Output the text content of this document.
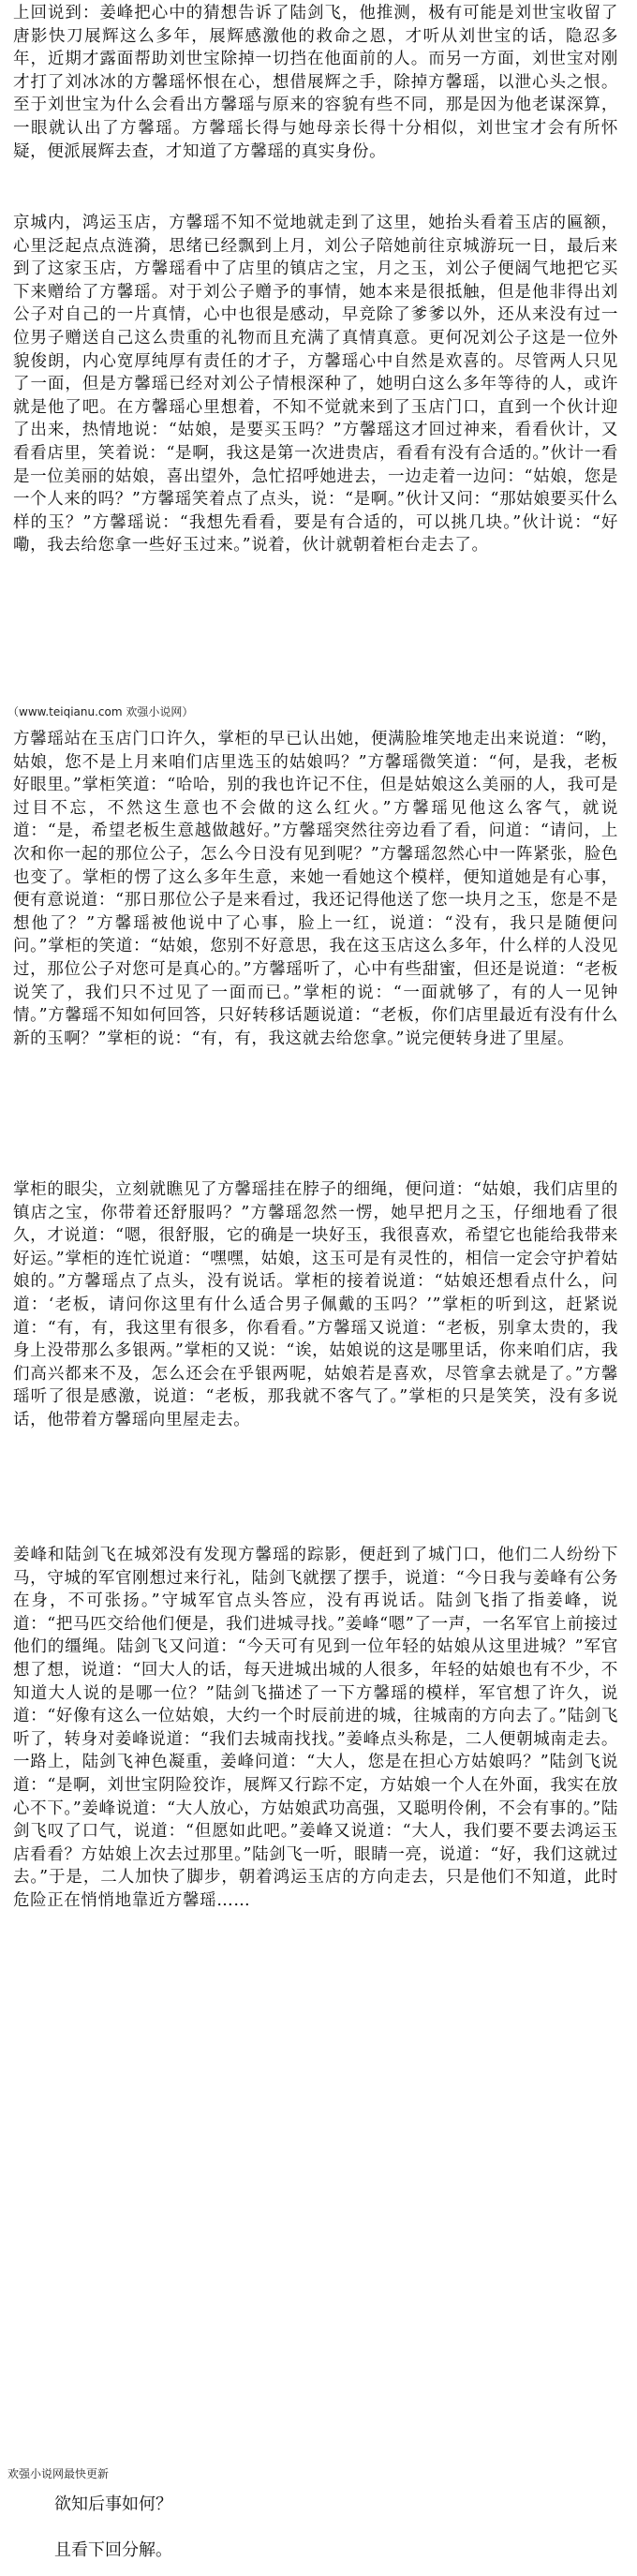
上回说到：姜峰把心中的猜想告诉了陆剑飞，他推测，极有可能是刘世宝收留了唐影快刀展辉这么多年，展辉感激他的救命之恩，才听从刘世宝的话，隐忍多年，近期才露面帮助刘世宝除掉一切挡在他面前的人。而另一方面，刘世宝对刚才打了刘冰冰的方馨瑶怀恨在心，想借展辉之手，除掉方馨瑶，以泄心头之恨。至于刘世宝为什么会看出方馨瑶与原来的容貌有些不同，那是因为他老谋深算，一眼就认出了方馨瑶。方馨瑶长得与她母亲长得十分相似，刘世宝才会有所怀疑，便派展辉去查，才知道了方馨瑶的真实身份。

京城内，鸿运玉店，方馨瑶不知不觉地就走到了这里，她抬头看着玉店的匾额，心里泛起点点涟漪，思绪已经飘到上月，刘公子陪她前往京城游玩一日，最后来到了这家玉店，方馨瑶看中了店里的镇店之宝，月之玉，刘公子便阔气地把它买下来赠给了方馨瑶。对于刘公子赠予的事情，她本来是很抵触，但是他非得出刘公子对自己的一片真情，心中也很是感动，早竞除了爹爹以外，还从来没有过一位男子赠送自己这么贵重的礼物而且充满了真情真意。更何况刘公子这是一位外貌俊朗，内心宽厚纯厚有责任的才子，方馨瑶心中自然是欢喜的。尽管两人只见了一面，但是方馨瑶已经对刘公子情根深种了，她明白这么多年等待的人，或许就是他了吧。在方馨瑶心里想着，不知不觉就来到了玉店门口，直到一个伙计迎了出来，热情地说：“姑娘，是要买玉吗？”方馨瑶这才回过神来，看看伙计，又看看店里，笑着说：“是啊，我这是第一次进贵店，看看有没有合适的。”伙计一看是一位美丽的姑娘，喜出望外，急忙招呼她进去，一边走着一边问：“姑娘，您是一个人来的吗？”方馨瑶笑着点了点头，说：“是啊。”伙计又问：“那姑娘要买什么样的玉？”方馨瑶说：“我想先看看，要是有合适的，可以挑几块。”伙计说：“好嘞，我去给您拿一些好玉过来。”说着，伙计就朝着柜台走去了。

（www.teiqianu.com 欢强小说网）

方馨瑶站在玉店门口许久，掌柜的早已认出她，便满脸堆笑地走出来说道：“哟，姑娘，您不是上月来咱们店里选玉的姑娘吗？”方馨瑶微笑道：“何，是我，老板好眼里。”掌柜笑道：“哈哈，别的我也许记不住，但是姑娘这么美丽的人，我可是过目不忘，不然这生意也不会做的这么红火。”方馨瑶见他这么客气，就说道：“是，希望老板生意越做越好。”方馨瑶突然往旁边看了看，问道：“请问，上次和你一起的那位公子，怎么今日没有见到呢？”方馨瑶忽然心中一阵紧张，脸色也变了。掌柜的愣了这么多年生意，来她一看她这个模样，便知道她是有心事，便有意说道：“那日那位公子是来看过，我还记得他送了您一块月之玉，您是不是想他了？”方馨瑶被他说中了心事，脸上一红，说道：“没有，我只是随便问问。”掌柜的笑道：“姑娘，您别不好意思，我在这玉店这么多年，什么样的人没见过，那位公子对您可是真心的。”方馨瑶听了，心中有些甜蜜，但还是说道：“老板说笑了，我们只不过见了一面而已。”掌柜的说：“一面就够了，有的人一见钟情。”方馨瑶不知如何回答，只好转移话题说道：“老板，你们店里最近有没有什么新的玉啊？”掌柜的说：“有，有，我这就去给您拿。”说完便转身进了里屋。

掌柜的眼尖，立刻就瞧见了方馨瑶挂在脖子的细绳，便问道：“姑娘，我们店里的镇店之宝，你带着还舒服吗？”方馨瑶忽然一愣，她早把月之玉，仔细地看了很久，才说道：“嗯，很舒服，它的确是一块好玉，我很喜欢，希望它也能给我带来好运。”掌柜的连忙说道：“嘿嘿，姑娘，这玉可是有灵性的，相信一定会守护着姑娘的。”方馨瑶点了点头，没有说话。掌柜的接着说道：“姑娘还想看点什么，问道：‘老板，请问你这里有什么适合男子佩戴的玉吗？’”掌柜的听到这，赶紧说道：“有，有，我这里有很多，你看看。”方馨瑶又说道：“老板，别拿太贵的，我身上没带那么多银两。”掌柜的又说：“诶，姑娘说的这是哪里话，你来咱们店，我们高兴都来不及，怎么还会在乎银两呢，姑娘若是喜欢，尽管拿去就是了。”方馨瑶听了很是感激，说道：“老板，那我就不客气了。”掌柜的只是笑笑，没有多说话，他带着方馨瑶向里屋走去。

姜峰和陆剑飞在城郊没有发现方馨瑶的踪影，便赶到了城门口，他们二人纷纷下马，守城的军官刚想过来行礼，陆剑飞就摆了摆手，说道：“今日我与姜峰有公务在身，不可张扬。”守城军官点头答应，没有再说话。陆剑飞指了指姜峰，说道：“把马匹交给他们便是，我们进城寻找。”姜峰“嗯”了一声，一名军官上前接过他们的缰绳。陆剑飞又问道：“今天可有见到一位年轻的姑娘从这里进城？”军官想了想，说道：“回大人的话，每天进城出城的人很多，年轻的姑娘也有不少，不知道大人说的是哪一位？”陆剑飞描述了一下方馨瑶的模样，军官想了许久，说道：“好像有这么一位姑娘，大约一个时辰前进的城，往城南的方向去了。”陆剑飞听了，转身对姜峰说道：“我们去城南找找。”姜峰点头称是，二人便朝城南走去。一路上，陆剑飞神色凝重，姜峰问道：“大人，您是在担心方姑娘吗？”陆剑飞说道：“是啊，刘世宝阴险狡诈，展辉又行踪不定，方姑娘一个人在外面，我实在放心不下。”姜峰说道：“大人放心，方姑娘武功高强，又聪明伶俐，不会有事的。”陆剑飞叹了口气，说道：“但愿如此吧。”姜峰又说道：“大人，我们要不要去鸿运玉店看看？方姑娘上次去过那里。”陆剑飞一听，眼睛一亮，说道：“好，我们这就过去。”于是，二人加快了脚步，朝着鸿运玉店的方向走去，只是他们不知道，此时危险正在悄悄地靠近方馨瑶……

欢强小说网最快更新

欲知后事如何？

且看下回分解。
